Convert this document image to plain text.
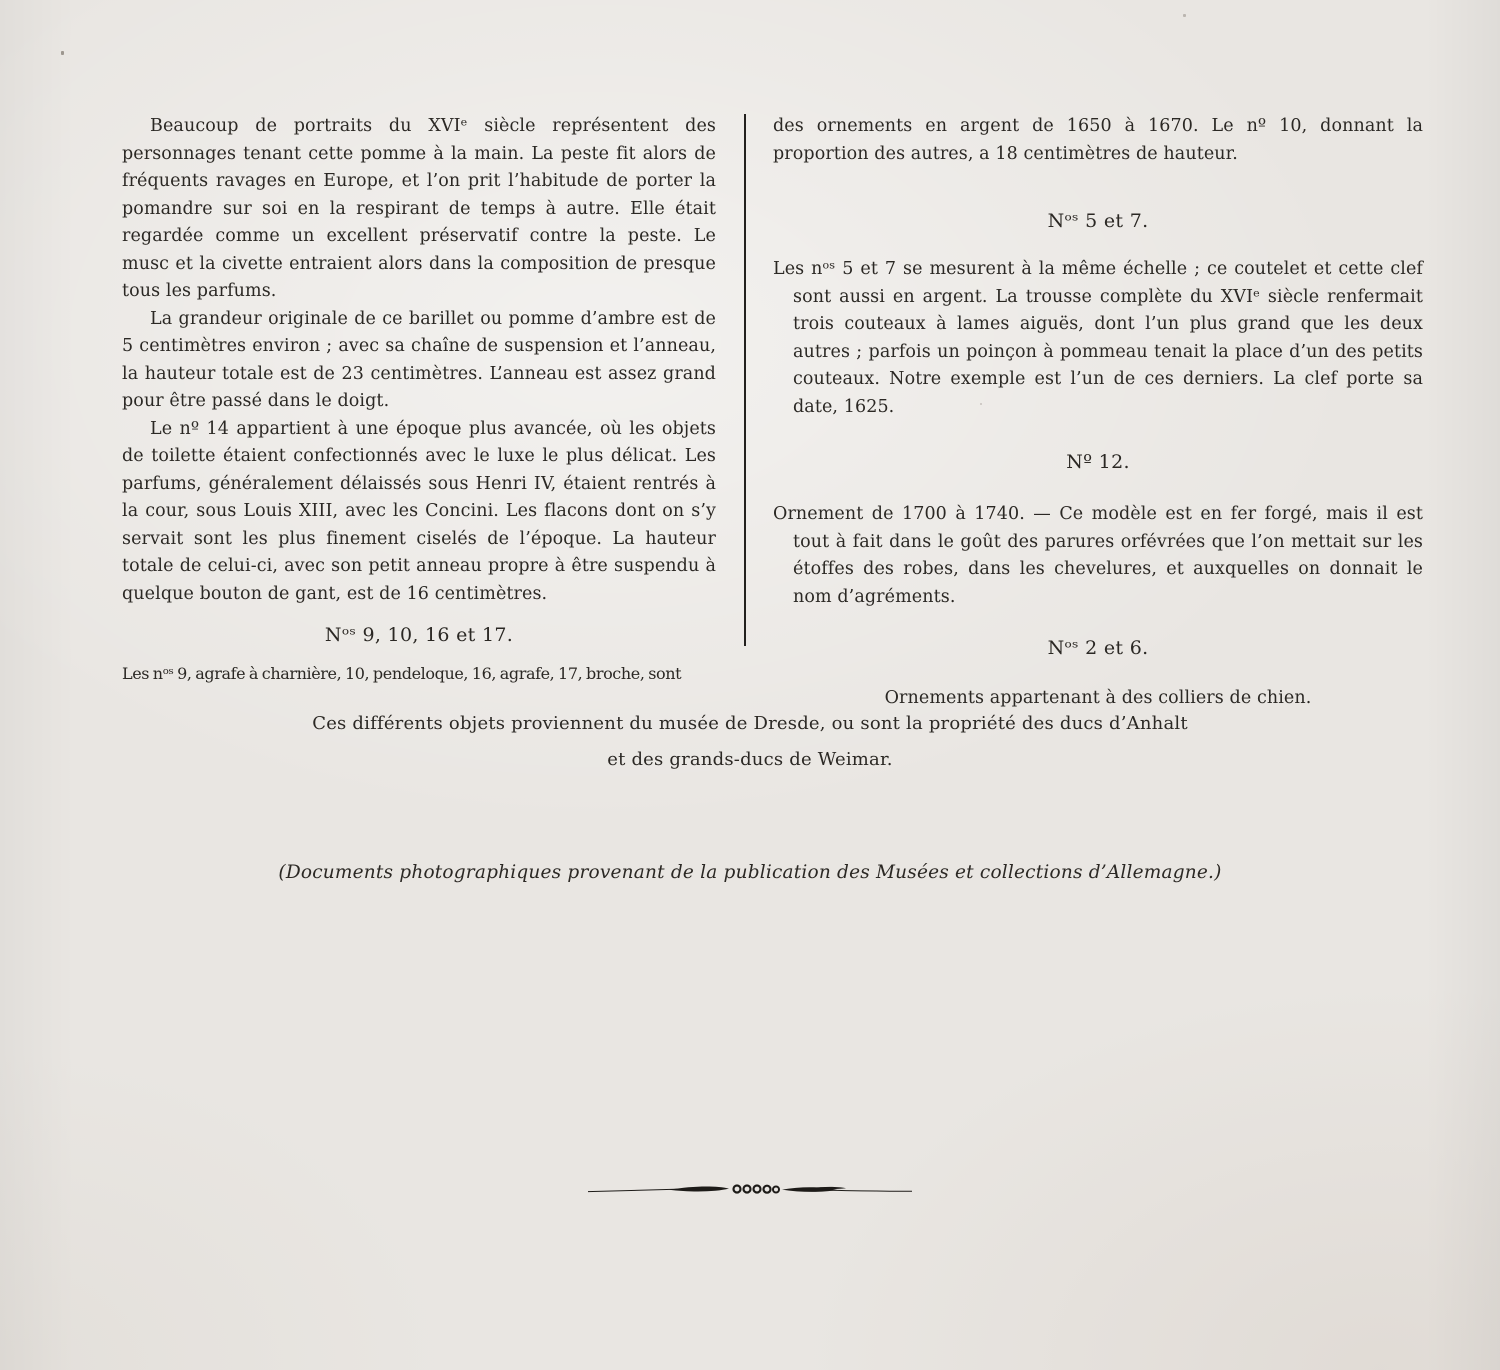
Beaucoup de portraits du XVIᵉ siècle représentent des personnages tenant cette pomme à la main. La peste fit alors de fréquents ravages en Europe, et l’on prit l’habitude de porter la pomandre sur soi en la respirant de temps à autre. Elle était regardée comme un excellent préservatif contre la peste. Le musc et la civette entraient alors dans la composition de presque tous les parfums.

La grandeur originale de ce barillet ou pomme d’ambre est de 5 centimètres environ ; avec sa chaîne de suspension et l’anneau, la hauteur totale est de 23 centimètres. L’anneau est assez grand pour être passé dans le doigt.

Le nº 14 appartient à une époque plus avancée, où les objets de toilette étaient confectionnés avec le luxe le plus délicat. Les parfums, généralement délaissés sous Henri IV, étaient rentrés à la cour, sous Louis XIII, avec les Concini. Les flacons dont on s’y servait sont les plus finement ciselés de l’époque. La hauteur totale de celui-ci, avec son petit anneau propre à être suspendu à quelque bouton de gant, est de 16 centimètres.

Nᵒˢ 9, 10, 16 et 17.

Les nᵒˢ 9, agrafe à charnière, 10, pendeloque, 16, agrafe, 17, broche, sont

des ornements en argent de 1650 à 1670. Le nº 10, donnant la proportion des autres, a 18 centimètres de hauteur.

Nᵒˢ 5 et 7.

Les nᵒˢ 5 et 7 se mesurent à la même échelle ; ce coutelet et cette clef sont aussi en argent. La trousse complète du XVIᵉ siècle renfermait trois couteaux à lames aiguës, dont l’un plus grand que les deux autres ; parfois un poinçon à pommeau tenait la place d’un des petits couteaux. Notre exemple est l’un de ces derniers. La clef porte sa date, 1625.

Nº 12.

Ornement de 1700 à 1740. — Ce modèle est en fer forgé, mais il est tout à fait dans le goût des parures orfévrées que l’on mettait sur les étoffes des robes, dans les chevelures, et auxquelles on donnait le nom d’agréments.

Nᵒˢ 2 et 6.

Ornements appartenant à des colliers de chien.

Ces différents objets proviennent du musée de Dresde, ou sont la propriété des ducs d’Anhalt
et des grands-ducs de Weimar.
(Documents photographiques provenant de la publication des Musées et collections d’Allemagne.)
